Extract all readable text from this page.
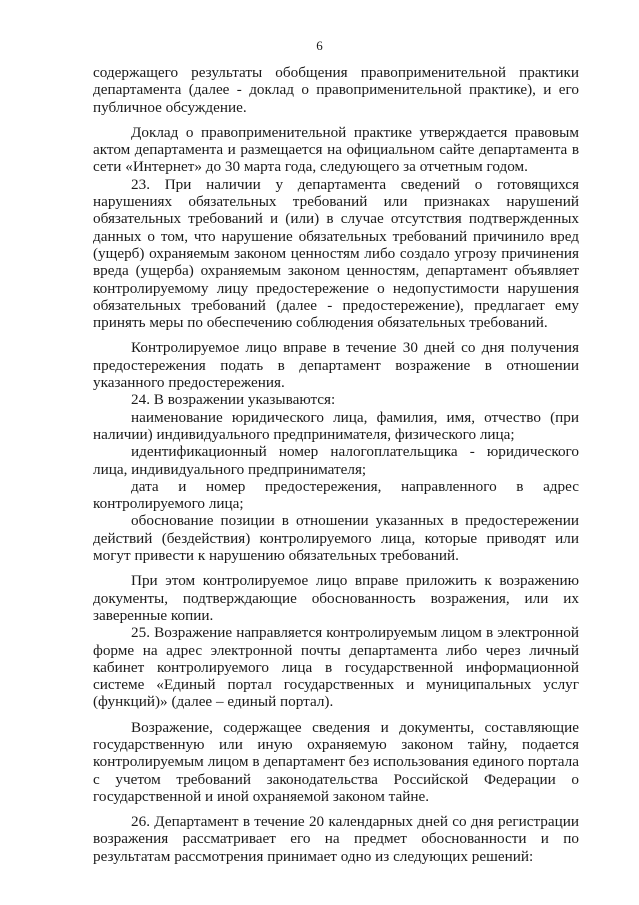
6

содержащего результаты обобщения правоприменительной практики департамента (далее - доклад о правоприменительной практике), и его публичное обсуждение.

Доклад о правоприменительной практике утверждается правовым актом департамента и размещается на официальном сайте департамента в сети «Интернет» до 30 марта года, следующего за отчетным годом.

23. При наличии у департамента сведений о готовящихся нарушениях обязательных требований или признаках нарушений обязательных требований и (или) в случае отсутствия подтвержденных данных о том, что нарушение обязательных требований причинило вред (ущерб) охраняемым законом ценностям либо создало угрозу причинения вреда (ущерба) охраняемым законом ценностям, департамент объявляет контролируемому лицу предостережение о недопустимости нарушения обязательных требований (далее - предостережение), предлагает ему принять меры по обеспечению соблюдения обязательных требований.

Контролируемое лицо вправе в течение 30 дней со дня получения предостережения подать в департамент возражение в отношении указанного предостережения.

24. В возражении указываются:

наименование юридического лица, фамилия, имя, отчество (при наличии) индивидуального предпринимателя, физического лица;

идентификационный номер налогоплательщика - юридического лица, индивидуального предпринимателя;

дата и номер предостережения, направленного в адрес контролируемого лица;

обоснование позиции в отношении указанных в предостережении действий (бездействия) контролируемого лица, которые приводят или могут привести к нарушению обязательных требований.

При этом контролируемое лицо вправе приложить к возражению документы, подтверждающие обоснованность возражения, или их заверенные копии.

25. Возражение направляется контролируемым лицом в электронной форме на адрес электронной почты департамента либо через личный кабинет контролируемого лица в государственной информационной системе «Единый портал государственных и муниципальных услуг (функций)» (далее – единый портал).

Возражение, содержащее сведения и документы, составляющие государственную или иную охраняемую законом тайну, подается контролируемым лицом в департамент без использования единого портала с учетом требований законодательства Российской Федерации о государственной и иной охраняемой законом тайне.

26. Департамент в течение 20 календарных дней со дня регистрации возражения рассматривает его на предмет обоснованности и по результатам рассмотрения принимает одно из следующих решений:
